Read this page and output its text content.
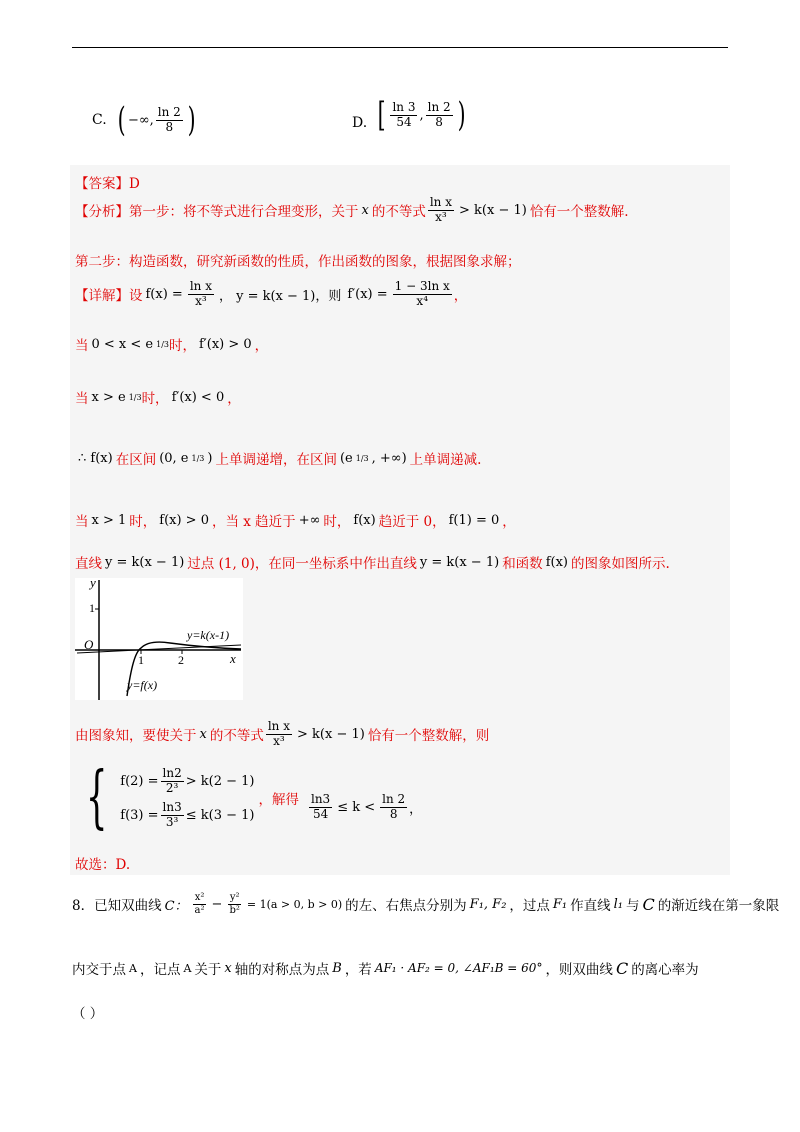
C. ( −∞, $\frac{\ln 2}{8}$ )	D. [ $\frac{\ln 3}{54}$ , $\frac{\ln 2}{8}$ )
【答案】D
【分析】第一步：将不等式进行合理变形，关于 x 的不等式 $\frac{\text{ln x}}{\text{x³}} > k(x - 1)$ 恰有一个整数解.
第二步：构造函数，研究新函数的性质，作出函数的图象，根据图象求解；
【详解】设 $f(x) = \frac{\text{ln x}}{\text{x³}}$ ， y = k(x − 1)，则 $f'(x) = \frac{\text{1 − 3ln x}}{\text{x⁴}}$ ，
当 0 < x < e 1/3 时， f′(x) > 0 ，
当 x > e 1/3 时， f′(x) < 0 ，
∴ f(x) 在区间 (0, e 1/3 ) 上单调递增，在区间 (e 1/3 , +∞) 上单调递减.
当 x > 1 时， f(x) > 0 ，当 x 趋近于 +∞ 时， f(x) 趋近于 0， f(1) = 0 ，
直线 y = k(x − 1) 过点 (1, 0) ，在同一坐标系中作出直线 y = k(x − 1) 和函数 f(x) 的图象如图所示.
y
x
O
1
1	2
y=k(x-1)
y=f(x)
由图象知，要使关于 x 的不等式 $\frac{\text{ln x}}{\text{x³}} > k(x - 1)$ 恰有一个整数解，则
{ $f(2) = \frac{\ln 2}{\text{2³}} > k(2 - 1)$
$f(3) = \frac{\ln 3}{\text{3³}} \le k(3 - 1)$
，解得 $\frac{\ln 3}{54} \le k < \frac{\ln 2}{8}$ ，
故选：D.
8．已知双曲线 C： $\frac{\text{x²}}{\text{a²}} - \frac{\text{y²}}{\text{b²}} = 1(a > 0$, b > 0) 的左、右焦点分别为 F₁, F₂ ，过点 F₁ 作直线 l₁ 与 C 的渐近线在第一象限
内交于点 A ，记点 A 关于 x 轴的对称点为点 B ，若 AF₁ · AF₂ = 0, ∠AF₁B = 60° ，则双曲线 C 的离心率为
（ ）
